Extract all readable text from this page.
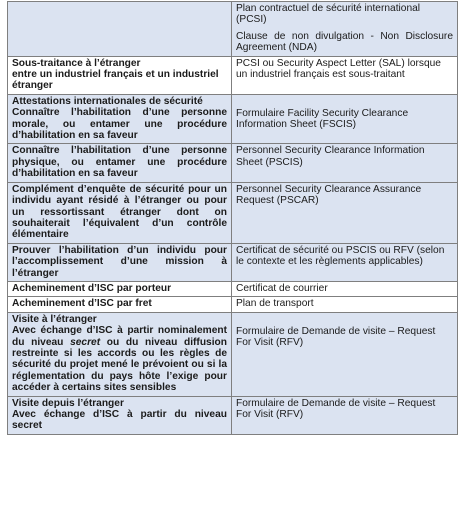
	Plan contractuel de sécurité international (PCSI)

Clause de non divulgation - Non Disclosure Agreement (NDA)

Sous-traitance à l’étranger

entre un industriel français et un industriel étranger	PCSI ou Security Aspect Letter (SAL) lorsque un industriel français est sous-traitant

Attestations internationales de sécurité

Connaître l’habilitation d’une personne morale, ou entamer une procédure d’habilitation en sa faveur	Formulaire Facility Security Clearance Information Sheet (FSCIS)

Connaître l’habilitation d’une personne physique, ou entamer une procédure d’habilitation en sa faveur	Personnel Security Clearance Information Sheet (PSCIS)

Complément d’enquête de sécurité pour un individu ayant résidé à l’étranger ou pour un ressortissant étranger dont on souhaiterait l’équivalent d’un contrôle élémentaire	Personnel Security Clearance Assurance Request (PSCAR)

Prouver l’habilitation d’un individu pour l’accomplissement d’une mission à l’étranger	Certificat de sécurité ou PSCIS ou RFV (selon le contexte et les règlements applicables)

Acheminement d’ISC par porteur	Certificat de courrier

Acheminement d’ISC par fret	Plan de transport

Visite à l’étranger

Avec échange d’ISC à partir nominalement du niveau secret ou du niveau diffusion restreinte si les accords ou les règles de sécurité du projet mené le prévoient ou si la réglementation du pays hôte l’exige pour accéder à certains sites sensibles	Formulaire de Demande de visite – Request For Visit (RFV)

Visite depuis l’étranger

Avec échange d’ISC à partir du niveau secret	Formulaire de Demande de visite – Request For Visit (RFV)
